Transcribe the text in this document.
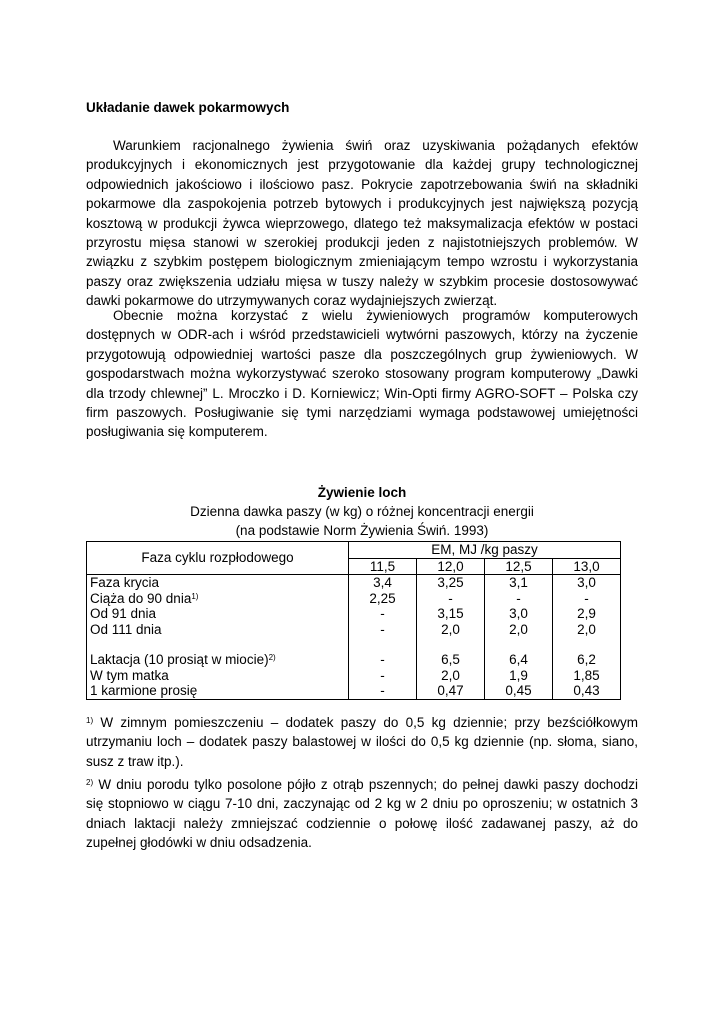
Układanie dawek pokarmowych

Warunkiem racjonalnego żywienia świń oraz uzyskiwania pożądanych efektów produkcyjnych i ekonomicznych jest przygotowanie dla każdej grupy technologicznej odpowiednich jakościowo i ilościowo pasz. Pokrycie zapotrzebowania świń na składniki pokarmowe dla zaspokojenia potrzeb bytowych i produkcyjnych jest największą pozycją kosztową w produkcji żywca wieprzowego, dlatego też maksymalizacja efektów w postaci przyrostu mięsa stanowi w szerokiej produkcji jeden z najistotniejszych problemów. W związku z szybkim postępem biologicznym zmieniającym tempo wzrostu i wykorzystania paszy oraz zwiększenia udziału mięsa w tuszy należy w szybkim procesie dostosowywać dawki pokarmowe do utrzymywanych coraz wydajniejszych zwierząt.

Obecnie można korzystać z wielu żywieniowych programów komputerowych dostępnych w ODR-ach i wśród przedstawicieli wytwórni paszowych, którzy na życzenie przygotowują odpowiedniej wartości pasze dla poszczególnych grup żywieniowych. W gospodarstwach można wykorzystywać szeroko stosowany program komputerowy „Dawki dla trzody chlewnej” L. Mroczko i D. Korniewicz; Win-Opti firmy AGRO-SOFT – Polska czy firm paszowych. Posługiwanie się tymi narzędziami wymaga podstawowej umiejętności posługiwania się komputerem.

Żywienie loch
Dzienna dawka paszy (w kg) o różnej koncentracji energii
(na podstawie Norm Żywienia Świń. 1993)
Faza cyklu rozpłodowego	EM, MJ /kg paszy			
	11,5	12,0	12,5	13,0
Faza krycia	3,4	3,25	3,1	3,0
Ciąża do 90 dnia$^{1)}$	2,25	-	-	-
Od 91 dnia	-	3,15	3,0	2,9
Od 111 dnia	-	2,0	2,0	2,0

Laktacja (10 prosiąt w miocie)$^{2)}$	-	6,5	6,4	6,2
W tym matka	-	2,0	1,9	1,85
1 karmione prosię	-	0,47	0,45	0,43

$^{1)}$ W zimnym pomieszczeniu – dodatek paszy do 0,5 kg dziennie; przy bezściółkowym utrzymaniu loch – dodatek paszy balastowej w ilości do 0,5 kg dziennie (np. słoma, siano, susz z traw itp.).

$^{2)}$ W dniu porodu tylko posolone pójło z otrąb pszennych; do pełnej dawki paszy dochodzi się stopniowo w ciągu 7-10 dni, zaczynając od 2 kg w 2 dniu po oproszeniu; w ostatnich 3 dniach laktacji należy zmniejszać codziennie o połowę ilość zadawanej paszy, aż do zupełnej głodówki w dniu odsadzenia.
